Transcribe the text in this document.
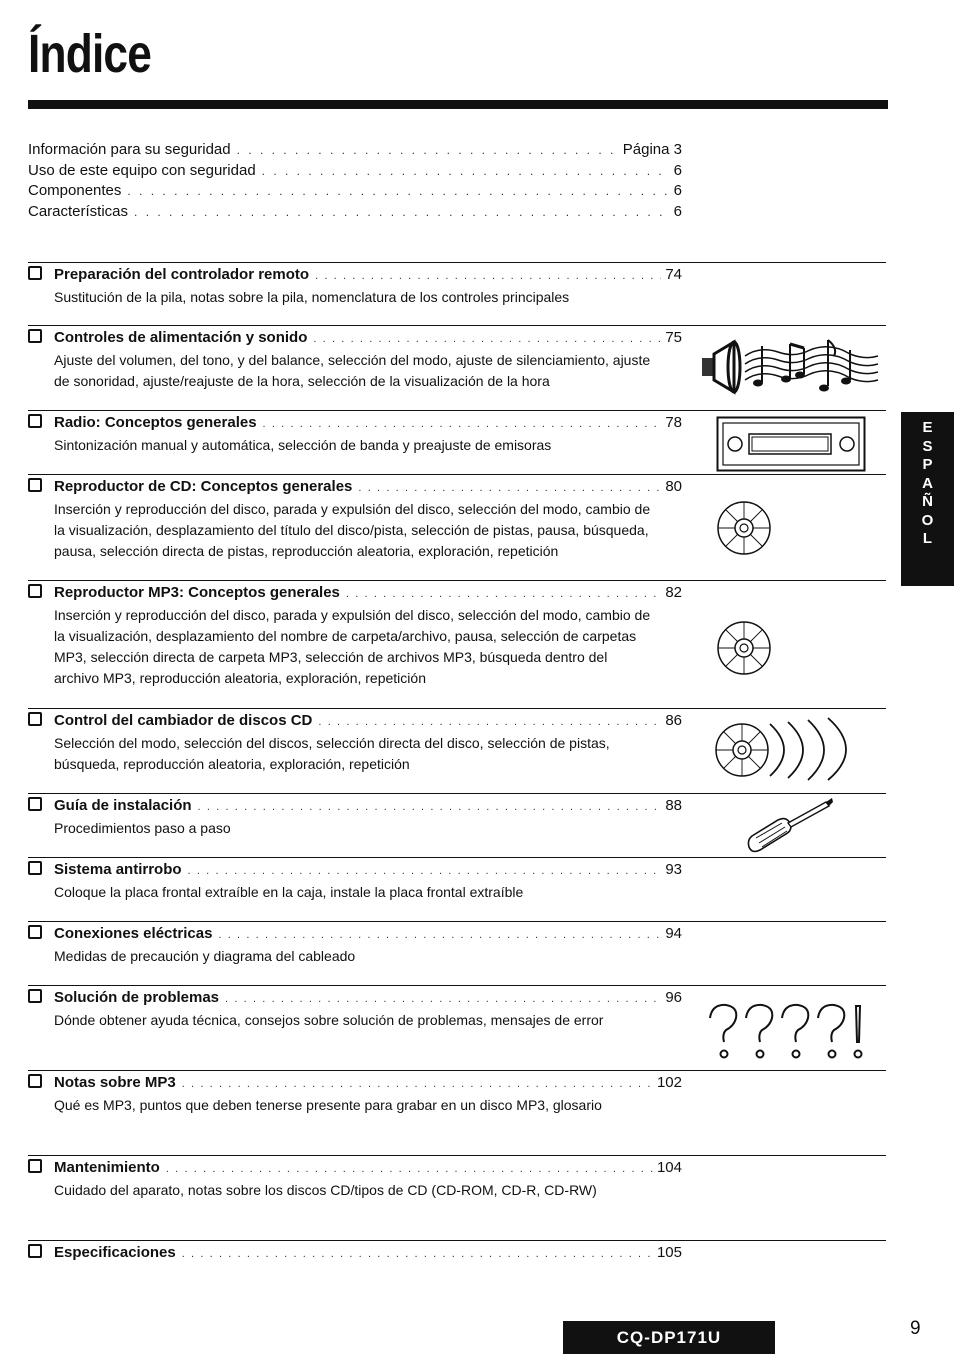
Índice
Información para su seguridad . . .	Página 3
Uso de este equipo con seguridad . . .	6
Componentes . . .	6
Características . . .	6
Preparación del controlador remoto . . .	74
Sustitución de la pila, notas sobre la pila, nomenclatura de los controles principales
Controles de alimentación y sonido . . .	75
Ajuste del volumen, del tono, y del balance, selección del modo, ajuste de silenciamiento, ajuste de sonoridad, ajuste/reajuste de la hora, selección de la visualización de la hora
Radio: Conceptos generales . . .	78
Sintonización manual y automática, selección de banda y preajuste de emisoras
Reproductor de CD: Conceptos generales . . .	80
Inserción y reproducción del disco, parada y expulsión del disco, selección del modo, cambio de la visualización, desplazamiento del título del disco/pista, selección de pistas, pausa, búsqueda, pausa, selección directa de pistas, reproducción aleatoria, exploración, repetición
Reproductor MP3: Conceptos generales . . .	82
Inserción y reproducción del disco, parada y expulsión del disco, selección del modo, cambio de la visualización, desplazamiento del nombre de carpeta/archivo, pausa, selección de carpetas MP3, selección directa de carpeta MP3, selección de archivos MP3, búsqueda dentro del archivo MP3, reproducción aleatoria, exploración, repetición
Control del cambiador de discos CD . . .	86
Selección del modo, selección del discos, selección directa del disco, selección de pistas, búsqueda, reproducción aleatoria, exploración, repetición
Guía de instalación . . .	88
Procedimientos paso a paso
Sistema antirrobo . . .	93
Coloque la placa frontal extraíble en la caja, instale la placa frontal extraíble
Conexiones eléctricas . . .	94
Medidas de precaución y diagrama del cableado
Solución de problemas . . .	96
Dónde obtener ayuda técnica, consejos sobre solución de problemas, mensajes de error
Notas sobre MP3 . . .	102
Qué es MP3, puntos que deben tenerse presente para grabar en un disco MP3, glosario
Mantenimiento . . .	104
Cuidado del aparato, notas sobre los discos CD/tipos de CD (CD-ROM, CD-R, CD-RW)
Especificaciones . . .	105
E
S
P
A
Ñ
O
L
CQ-DP171U	9
